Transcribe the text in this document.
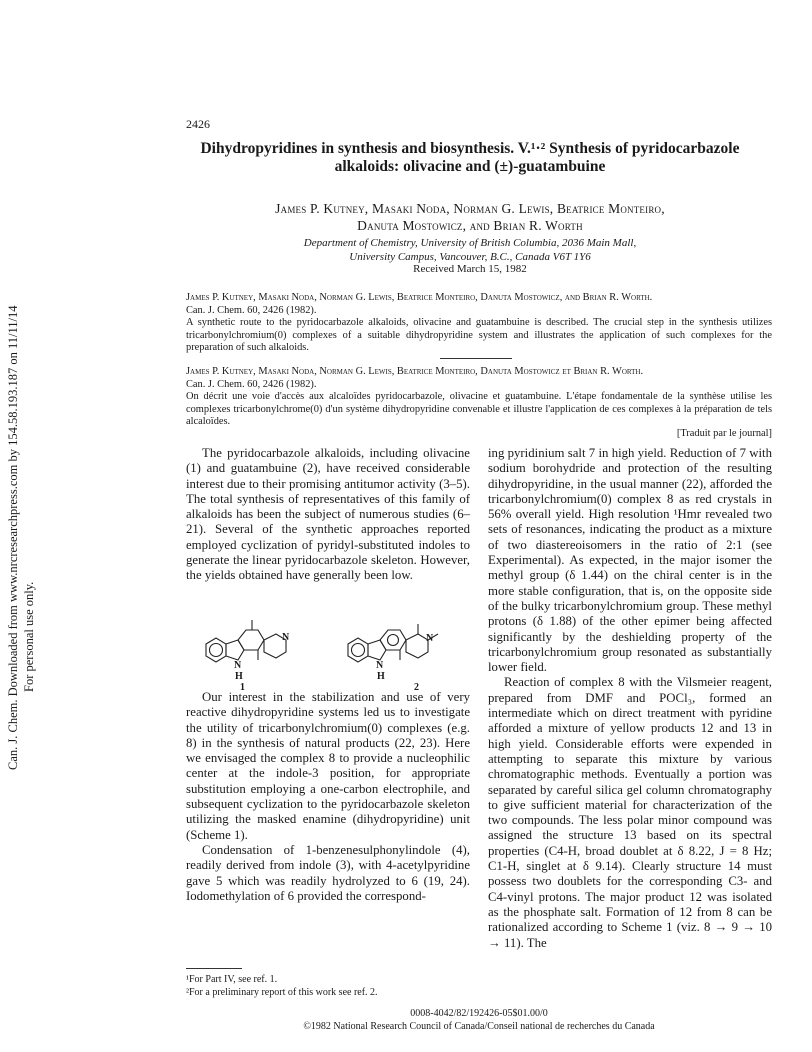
Can. J. Chem. Downloaded from www.nrcresearchpress.com by 154.58.193.187 on 11/11/14 For personal use only.
2426
Dihydropyridines in synthesis and biosynthesis. V.¹·² Synthesis of pyridocarbazole alkaloids: olivacine and (±)-guatambuine
James P. Kutney, Masaki Noda, Norman G. Lewis, Beatrice Monteiro,
Danuta Mostowicz, and Brian R. Worth
Department of Chemistry, University of British Columbia, 2036 Main Mall,
University Campus, Vancouver, B.C., Canada V6T 1Y6
Received March 15, 1982
James P. Kutney, Masaki Noda, Norman G. Lewis, Beatrice Monteiro, Danuta Mostowicz, and Brian R. Worth.
Can. J. Chem. 60, 2426 (1982).
A synthetic route to the pyridocarbazole alkaloids, olivacine and guatambuine is described. The crucial step in the synthesis utilizes tricarbonylchromium(0) complexes of a suitable dihydropyridine system and illustrates the application of such complexes for the preparation of such alkaloids.
James P. Kutney, Masaki Noda, Norman G. Lewis, Beatrice Monteiro, Danuta Mostowicz et Brian R. Worth.
Can. J. Chem. 60, 2426 (1982).
On décrit une voie d'accès aux alcaloïdes pyridocarbazole, olivacine et guatambuine. L'étape fondamentale de la synthèse utilise les complexes tricarbonylchrome(0) d'un système dihydropyridine convenable et illustre l'application de ces complexes à la préparation de tels alcaloïdes.
[Traduit par le journal]

The pyridocarbazole alkaloids, including olivacine (1) and guatambuine (2), have received considerable interest due to their promising antitumor activity (3–5). The total synthesis of representatives of this family of alkaloids has been the subject of numerous studies (6–21). Several of the synthetic approaches reported employed cyclization of pyridyl-substituted indoles to generate the linear pyridocarbazole skeleton. However, the yields obtained have generally been low.

N
N
H
1
N
N
H
2

Our interest in the stabilization and use of very reactive dihydropyridine systems led us to investigate the utility of tricarbonylchromium(0) complexes (e.g. 8) in the synthesis of natural products (22, 23). Here we envisaged the complex 8 to provide a nucleophilic center at the indole-3 position, for appropriate substitution employing a one-carbon electrophile, and subsequent cyclization to the pyridocarbazole skeleton utilizing the masked enamine (dihydropyridine) unit (Scheme 1).

Condensation of 1-benzenesulphonylindole (4), readily derived from indole (3), with 4-acetylpyridine gave 5 which was readily hydrolyzed to 6 (19, 24). Iodomethylation of 6 provided the correspond-

ing pyridinium salt 7 in high yield. Reduction of 7 with sodium borohydride and protection of the resulting dihydropyridine, in the usual manner (22), afforded the tricarbonylchromium(0) complex 8 as red crystals in 56% overall yield. High resolution ¹Hmr revealed two sets of resonances, indicating the product as a mixture of two diastereoisomers in the ratio of 2:1 (see Experimental). As expected, in the major isomer the methyl group (δ 1.44) on the chiral center is in the more stable configuration, that is, on the opposite side of the bulky tricarbonylchromium group. These methyl protons (δ 1.88) of the other epimer being affected significantly by the deshielding property of the tricarbonylchromium group resonated as substantially lower field.

Reaction of complex 8 with the Vilsmeier reagent, prepared from DMF and POCl₃, formed an intermediate which on direct treatment with pyridine afforded a mixture of yellow products 12 and 13 in high yield. Considerable efforts were expended in attempting to separate this mixture by various chromatographic methods. Eventually a portion was separated by careful silica gel column chromatography to give sufficient material for characterization of the two compounds. The less polar minor compound was assigned the structure 13 based on its spectral properties (C4-H, broad doublet at δ 8.22, J = 8 Hz; C1-H, singlet at δ 9.14). Clearly structure 14 must possess two doublets for the corresponding C3- and C4-vinyl protons. The major product 12 was isolated as the phosphate salt. Formation of 12 from 8 can be rationalized according to Scheme 1 (viz. 8 → 9 → 10 → 11). The

¹For Part IV, see ref. 1.
²For a preliminary report of this work see ref. 2.
0008-4042/82/192426-05$01.00/0
©1982 National Research Council of Canada/Conseil national de recherches du Canada
